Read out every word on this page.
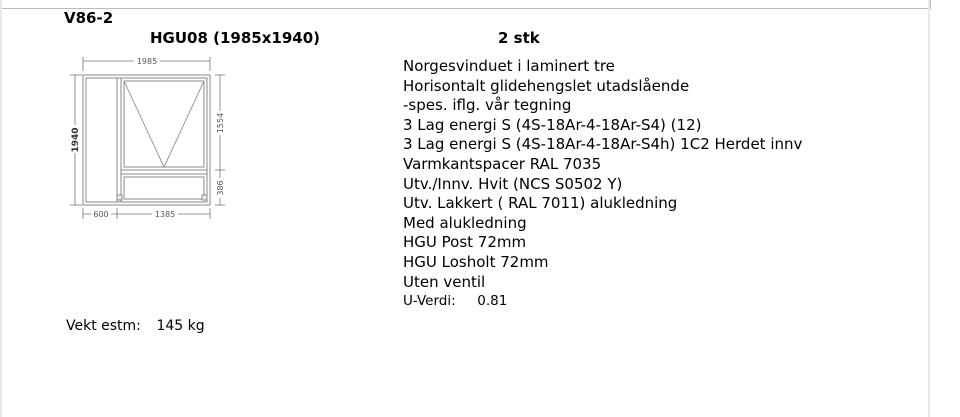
V86-2
HGU08 (1985x1940)	2 stk
1985
1940
1554
386
600	1385
Norgesvinduet i laminert tre
Horisontalt glidehengslet utadslående
-spes. iflg. vår tegning
3 Lag energi S (4S-18Ar-4-18Ar-S4) (12)
3 Lag energi S (4S-18Ar-4-18Ar-S4h) 1C2 Herdet innv
Varmkantspacer RAL 7035
Utv./Innv. Hvit (NCS S0502 Y)
Utv. Lakkert ( RAL 7011) alukledning
Med alukledning
HGU Post 72mm
HGU Losholt 72mm
Uten ventil
U-Verdi: 0.81
Vekt estm: 145 kg
